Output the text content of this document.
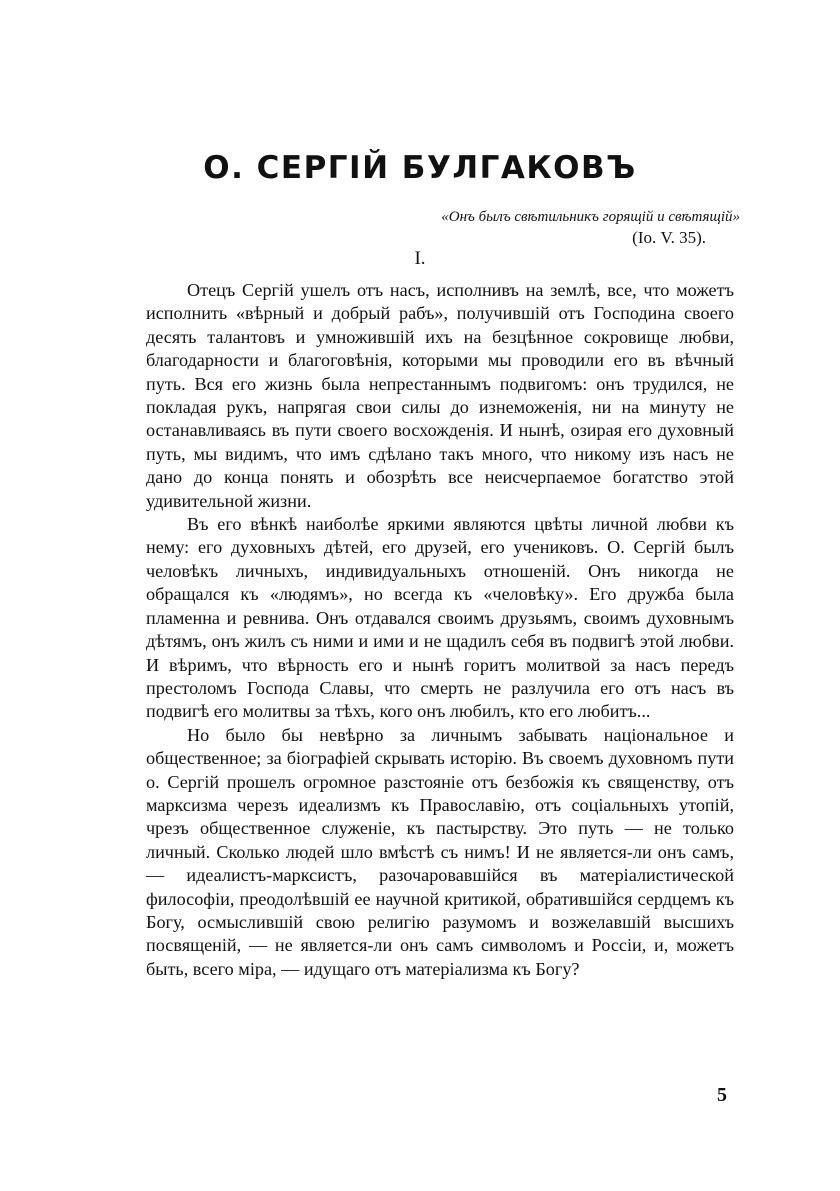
О. СЕРГІЙ БУЛГАКОВЪ
«Онъ былъ свѣтильникъ горящій и свѣтящій»
(Іо. V. 35).
I.

Отецъ Сергій ушелъ отъ насъ, исполнивъ на землѣ, все, что можетъ исполнить «вѣрный и добрый рабъ», получившій отъ Господина своего десять талантовъ и умножившій ихъ на безцѣнное сокровище любви, благодарности и благоговѣнія, которыми мы проводили его въ вѣчный путь. Вся его жизнь была непрестаннымъ подвигомъ: онъ трудился, не покладая рукъ, напрягая свои силы до изнеможенія, ни на минуту не останавливаясь въ пути своего восхожденія. И нынѣ, озирая его духовный путь, мы видимъ, что имъ сдѣлано такъ много, что никому изъ насъ не дано до конца понять и обозрѣть все неисчерпаемое богатство этой удивительной жизни.

Въ его вѣнкѣ наиболѣе яркими являются цвѣты личной любви къ нему: его духовныхъ дѣтей, его друзей, его учениковъ. О. Сергій былъ человѣкъ личныхъ, индивидуальныхъ отношеній. Онъ никогда не обращался къ «людямъ», но всегда къ «человѣку». Его дружба была пламенна и ревнива. Онъ отдавался своимъ друзьямъ, своимъ духовнымъ дѣтямъ, онъ жилъ съ ними и ими и не щадилъ себя въ подвигѣ этой любви. И вѣримъ, что вѣрность его и нынѣ горитъ молитвой за насъ передъ престоломъ Господа Славы, что смерть не разлучила его отъ насъ въ подвигѣ его молитвы за тѣхъ, кого онъ любилъ, кто его любитъ...

Но было бы невѣрно за личнымъ забывать національное и общественное; за біографіей скрывать исторію. Въ своемъ духовномъ пути о. Сергій прошелъ огромное разстояніе отъ безбожія къ священству, отъ марксизма черезъ идеализмъ къ Православію, отъ соціальныхъ утопій, чрезъ общественное служеніе, къ пастырству. Это путь — не только личный. Сколько людей шло вмѣстѣ съ нимъ! И не является-ли онъ самъ, — идеалистъ-марксистъ, разочаровавшійся въ матеріалистической философіи, преодолѣвшій ее научной критикой, обратившійся сердцемъ къ Богу, осмыслившій свою религію разумомъ и возжелавшій высшихъ посвященій, — не является-ли онъ самъ символомъ и Россіи, и, можетъ быть, всего міра, — идущаго отъ матеріализма къ Богу?

5
